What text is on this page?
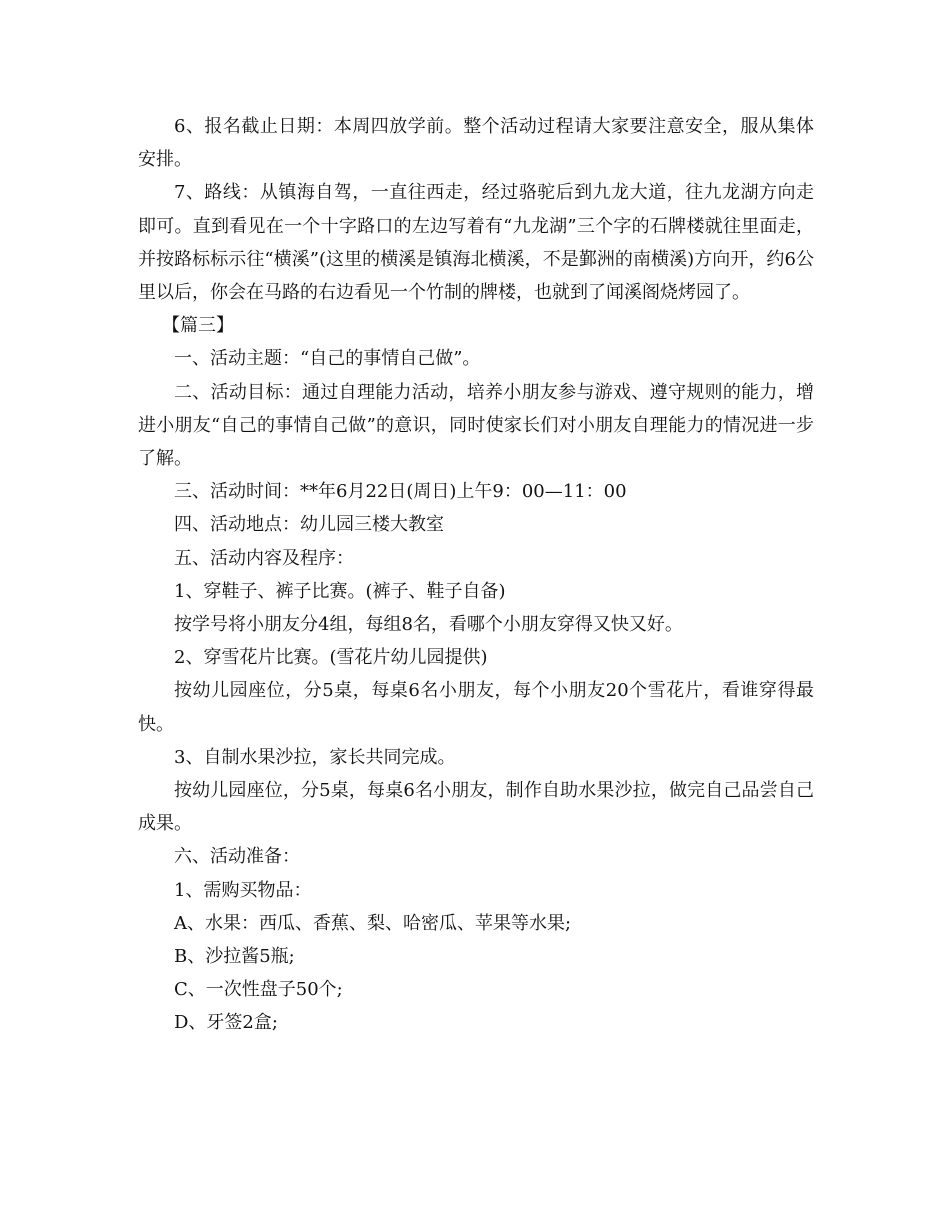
6、报名截止日期：本周四放学前。整个活动过程请大家要注意安全，服从集体安排。

7、路线：从镇海自驾，一直往西走，经过骆驼后到九龙大道，往九龙湖方向走即可。直到看见在一个十字路口的左边写着有“九龙湖”三个字的石牌楼就往里面走，并按路标标示往“横溪”(这里的横溪是镇海北横溪，不是鄞洲的南横溪)方向开，约6公里以后，你会在马路的右边看见一个竹制的牌楼，也就到了闻溪阁烧烤园了。

【篇三】

一、活动主题：“自己的事情自己做”。

二、活动目标：通过自理能力活动，培养小朋友参与游戏、遵守规则的能力，增进小朋友“自己的事情自己做”的意识，同时使家长们对小朋友自理能力的情况进一步了解。

三、活动时间：**年6月22日(周日)上午9：00—11：00

四、活动地点：幼儿园三楼大教室

五、活动内容及程序：

1、穿鞋子、裤子比赛。(裤子、鞋子自备)

按学号将小朋友分4组，每组8名，看哪个小朋友穿得又快又好。

2、穿雪花片比赛。(雪花片幼儿园提供)

按幼儿园座位，分5桌，每桌6名小朋友，每个小朋友20个雪花片，看谁穿得最快。

3、自制水果沙拉，家长共同完成。

按幼儿园座位，分5桌，每桌6名小朋友，制作自助水果沙拉，做完自己品尝自己成果。

六、活动准备：

1、需购买物品：

A、水果：西瓜、香蕉、梨、哈密瓜、苹果等水果;

B、沙拉酱5瓶;

C、一次性盘子50个;

D、牙签2盒;
